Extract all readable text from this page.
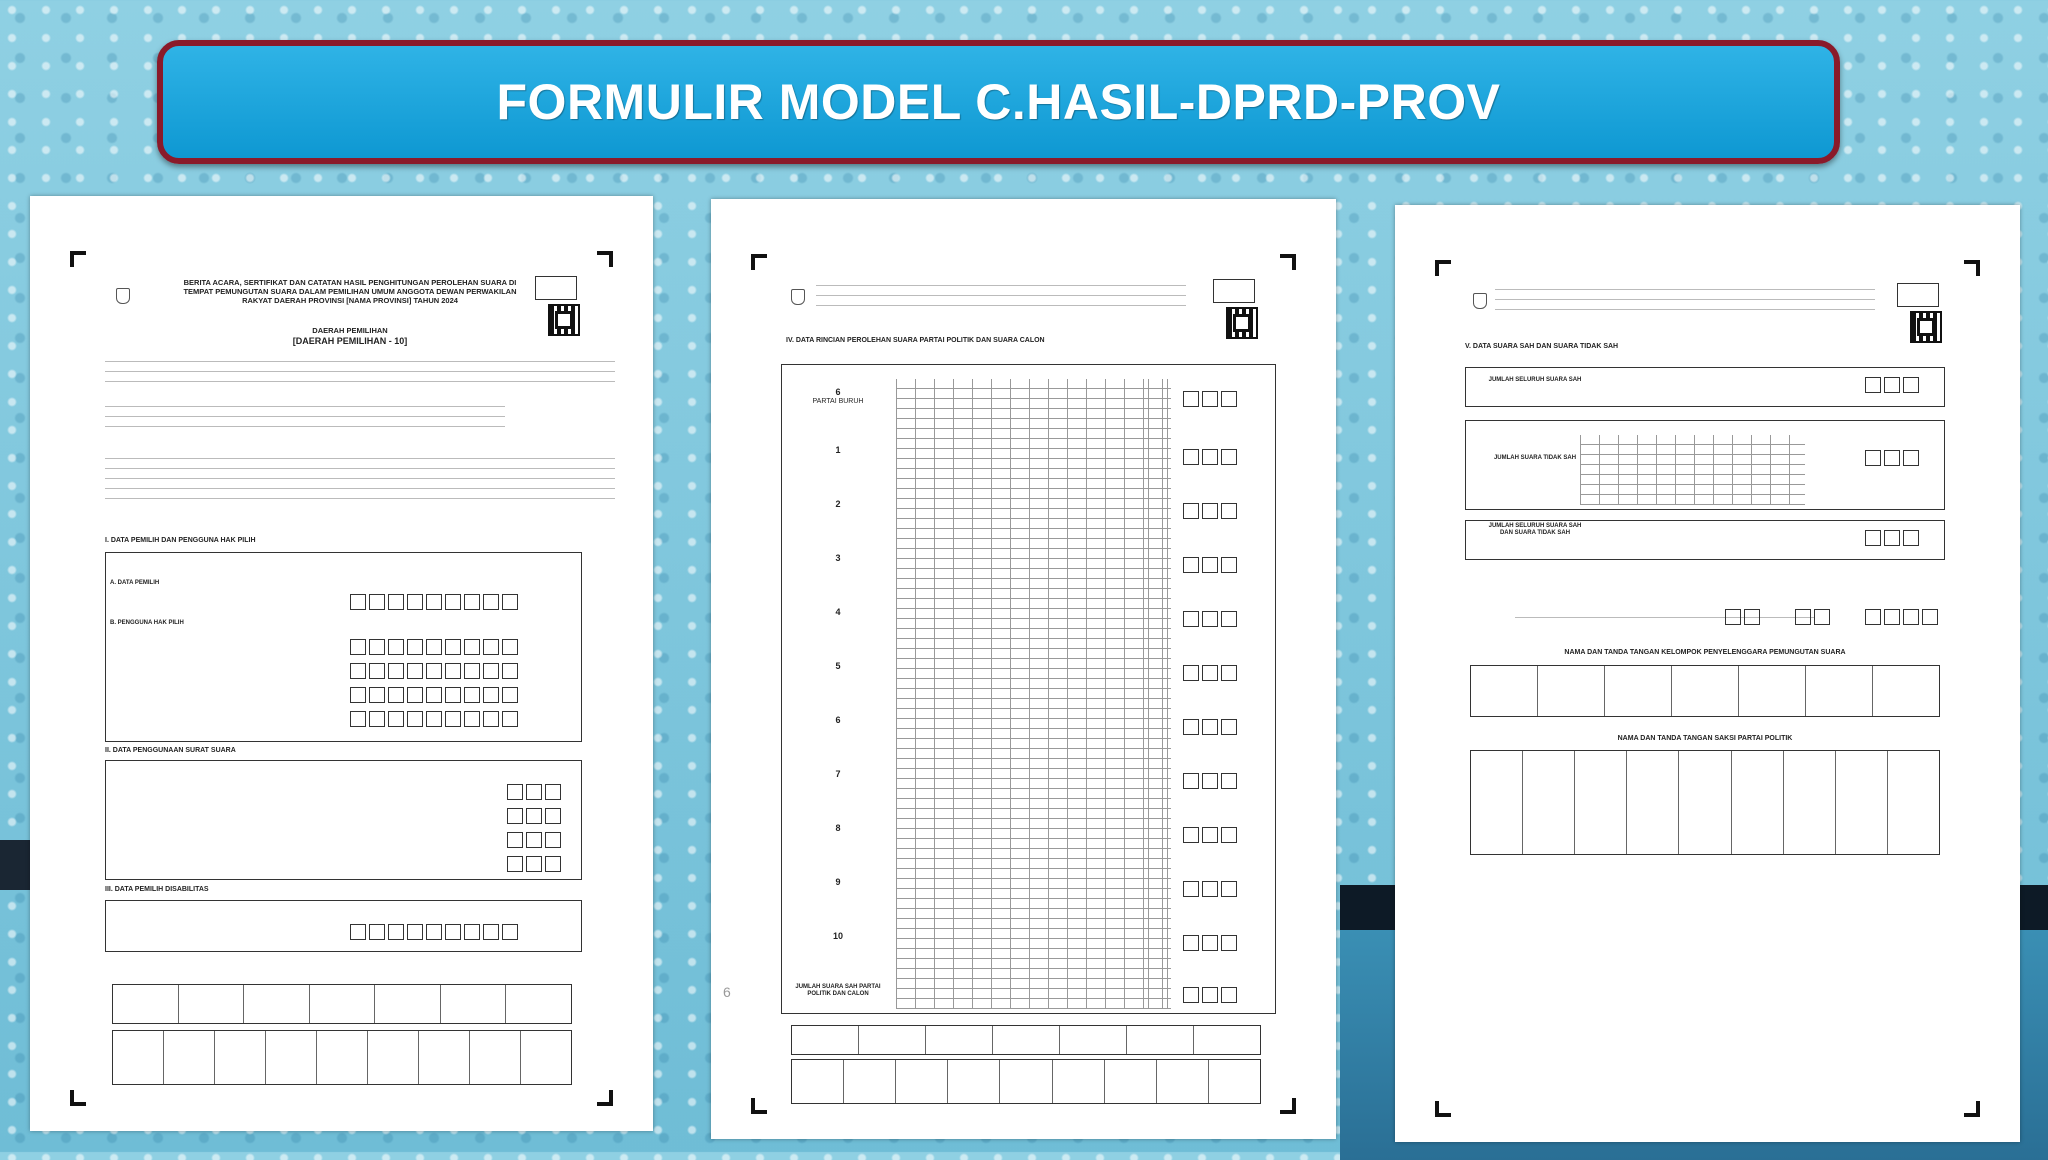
FORMULIR MODEL C.HASIL-DPRD-PROV
BERITA ACARA, SERTIFIKAT DAN CATATAN HASIL PENGHITUNGAN PEROLEHAN SUARA DI TEMPAT PEMUNGUTAN SUARA DALAM PEMILIHAN UMUM ANGGOTA DEWAN PERWAKILAN RAKYAT DAERAH PROVINSI [NAMA PROVINSI] TAHUN 2024
DAERAH PEMILIHAN
[DAERAH PEMILIHAN - 10]
I. DATA PEMILIH DAN PENGGUNA HAK PILIH
A. DATA PEMILIH
B. PENGGUNA HAK PILIH
II. DATA PENGGUNAAN SURAT SUARA
III. DATA PEMILIH DISABILITAS
IV. DATA RINCIAN PEROLEHAN SUARA PARTAI POLITIK DAN SUARA CALON
6
PARTAI BURUH
1
2
3
4
5
6
7
8
9
10
JUMLAH SUARA SAH PARTAI POLITIK DAN CALON
6
V. DATA SUARA SAH DAN SUARA TIDAK SAH
JUMLAH SELURUH SUARA SAH
JUMLAH SUARA TIDAK SAH
JUMLAH SELURUH SUARA SAH DAN SUARA TIDAK SAH
NAMA DAN TANDA TANGAN KELOMPOK PENYELENGGARA PEMUNGUTAN SUARA
NAMA DAN TANDA TANGAN SAKSI PARTAI POLITIK
